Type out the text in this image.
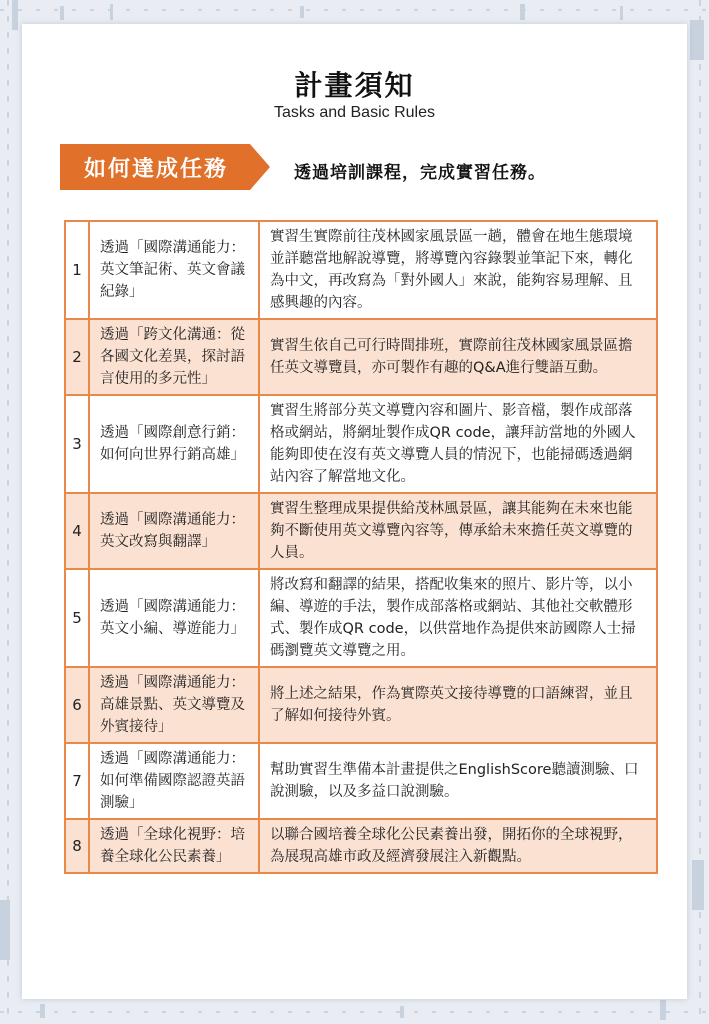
計畫須知
Tasks and Basic Rules
如何達成任務	透過培訓課程，完成實習任務。
1	透過「國際溝通能力：英文筆記術、英文會議紀錄」	實習生實際前往茂林國家風景區一趟，體會在地生態環境並詳聽當地解說導覽，將導覽內容錄製並筆記下來，轉化為中文，再改寫為「對外國人」來說，能夠容易理解、且感興趣的內容。
2	透過「跨文化溝通：從各國文化差異，探討語言使用的多元性」	實習生依自己可行時間排班，實際前往茂林國家風景區擔任英文導覽員，亦可製作有趣的Q&A進行雙語互動。
3	透過「國際創意行銷：如何向世界行銷高雄」	實習生將部分英文導覽內容和圖片、影音檔，製作成部落格或網站，將網址製作成QR code，讓拜訪當地的外國人能夠即使在沒有英文導覽人員的情況下，也能掃碼透過網站內容了解當地文化。
4	透過「國際溝通能力：英文改寫與翻譯」	實習生整理成果提供給茂林風景區，讓其能夠在未來也能夠不斷使用英文導覽內容等，傳承給未來擔任英文導覽的人員。
5	透過「國際溝通能力：英文小編、導遊能力」	將改寫和翻譯的結果，搭配收集來的照片、影片等，以小編、導遊的手法，製作成部落格或網站、其他社交軟體形式、製作成QR code，以供當地作為提供來訪國際人士掃碼瀏覽英文導覽之用。
6	透過「國際溝通能力：高雄景點、英文導覽及外賓接待」	將上述之結果，作為實際英文接待導覽的口語練習，並且了解如何接待外賓。
7	透過「國際溝通能力：如何準備國際認證英語測驗」	幫助實習生準備本計畫提供之EnglishScore聽讀測驗、口說測驗，以及多益口說測驗。
8	透過「全球化視野：培養全球化公民素養」	以聯合國培養全球化公民素養出發，開拓你的全球視野，為展現高雄市政及經濟發展注入新觀點。
